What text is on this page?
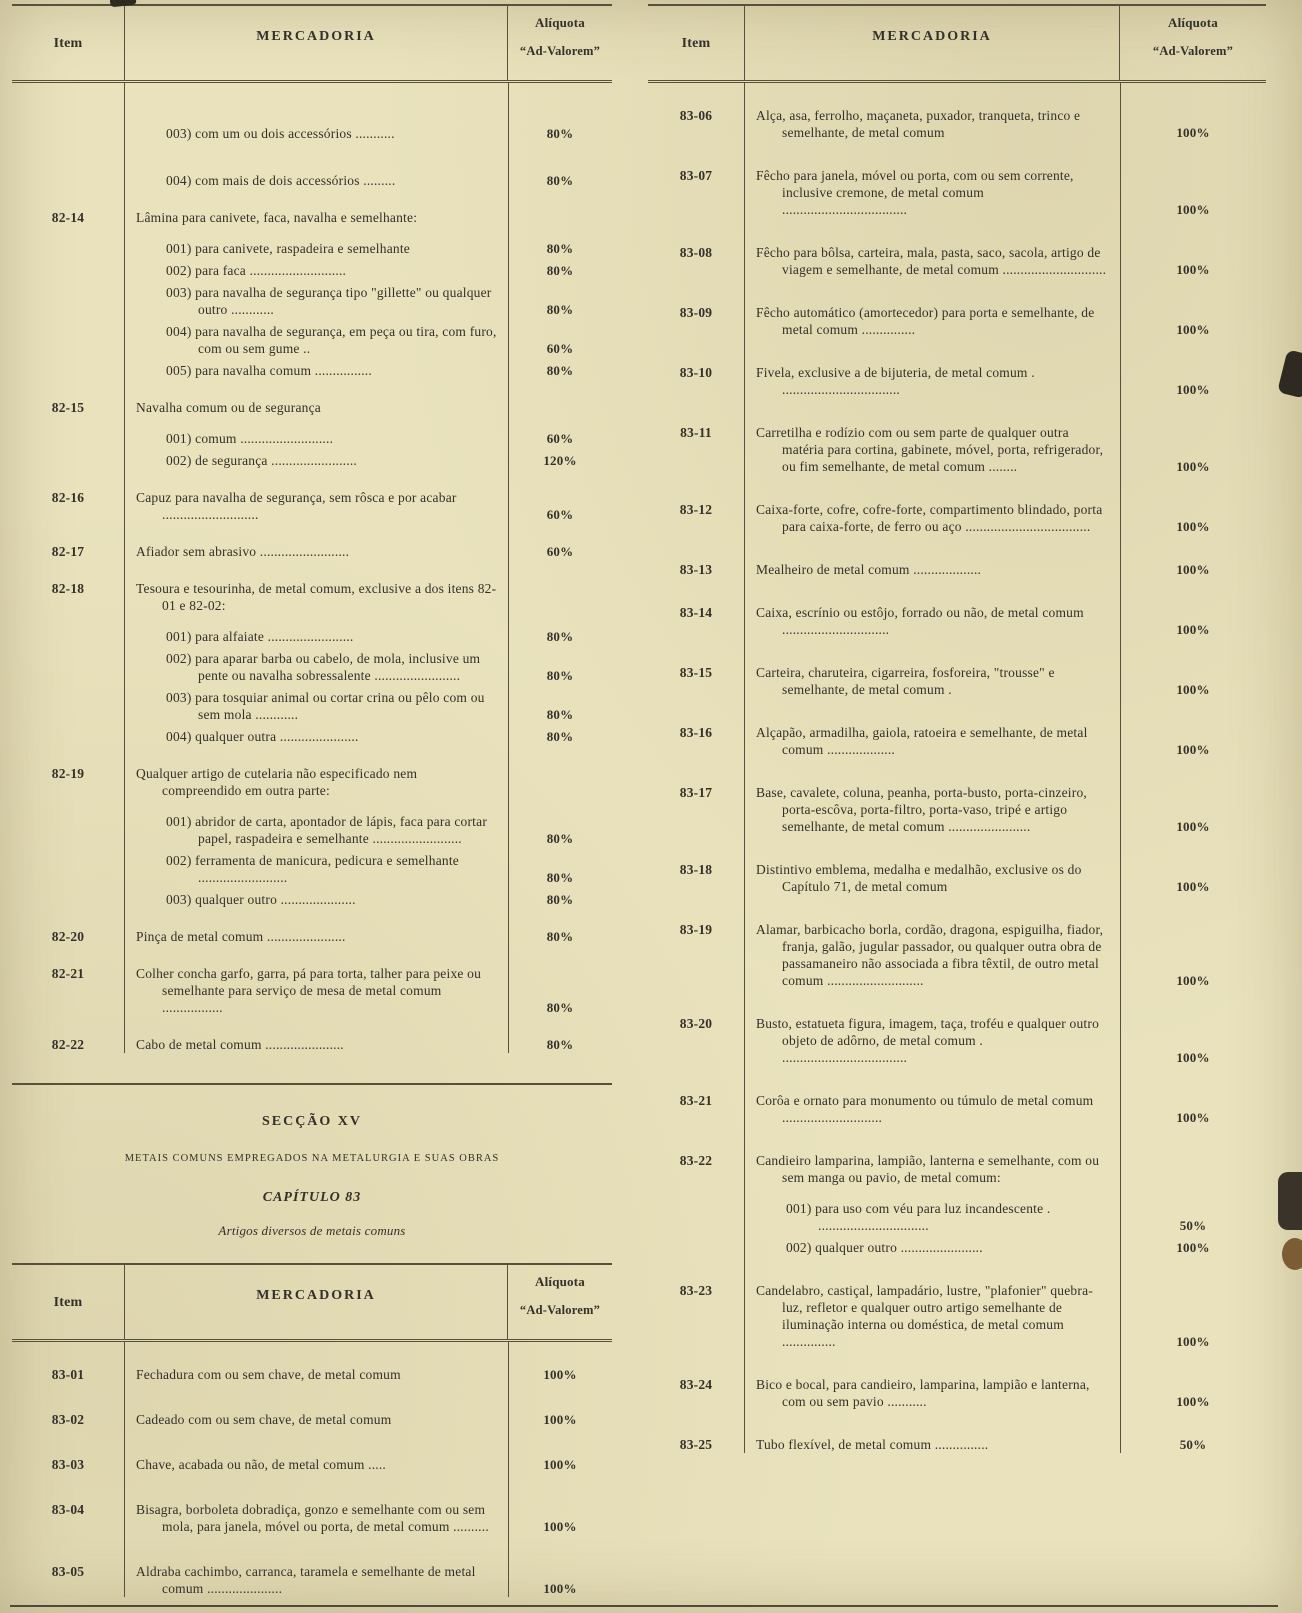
Item	MERCADORIA
Alíquota
“Ad-Valorem”
003) com um ou dois accessórios ...........	80%
004) com mais de dois accessórios .........	80%
82-14	Lâmina para canivete, faca, navalha e semelhante:
001) para canivete, raspadeira e semelhante	80%
002) para faca ...........................	80%
003) para navalha de segurança tipo "gillette" ou qualquer outro ............	80%
004) para navalha de segurança, em peça ou tira, com furo, com ou sem gume ..	60%
005) para navalha comum ................	80%
82-15	Navalha comum ou de segurança
001) comum ..........................	60%
002) de segurança ........................	120%
82-16	Capuz para navalha de segurança, sem rôsca e por acabar ...........................	60%
82-17	Afiador sem abrasivo .........................	60%
82-18	Tesoura e tesourinha, de metal comum, exclusive a dos itens 82-01 e 82-02:
001) para alfaiate ........................	80%
002) para aparar barba ou cabelo, de mola, inclusive um pente ou navalha sobressalente ........................	80%
003) para tosquiar animal ou cortar crina ou pêlo com ou sem mola ............	80%
004) qualquer outra ......................	80%
82-19	Qualquer artigo de cutelaria não especificado nem compreendido em outra parte:
001) abridor de carta, apontador de lápis, faca para cortar papel, raspadeira e semelhante .........................	80%
002) ferramenta de manicura, pedicura e semelhante .........................	80%
003) qualquer outro .....................	80%
82-20	Pinça de metal comum ......................	80%
82-21	Colher concha garfo, garra, pá para torta, talher para peixe ou semelhante para serviço de mesa de metal comum .................	80%
82-22	Cabo de metal comum ......................	80%
SECÇÃO XV
METAIS COMUNS EMPREGADOS NA METALURGIA E SUAS OBRAS
CAPÍTULO 83
Artigos diversos de metais comuns
Item	MERCADORIA
Alíquota
“Ad-Valorem”
83-01	Fechadura com ou sem chave, de metal comum	100%
83-02	Cadeado com ou sem chave, de metal comum	100%
83-03	Chave, acabada ou não, de metal comum .....	100%
83-04	Bisagra, borboleta dobradiça, gonzo e semelhante com ou sem mola, para janela, móvel ou porta, de metal comum ..........	100%
83-05	Aldraba cachimbo, carranca, taramela e semelhante de metal comum .....................	100%
Item	MERCADORIA
Alíquota
“Ad-Valorem”
83-06	Alça, asa, ferrolho, maçaneta, puxador, tranqueta, trinco e semelhante, de metal comum	100%
83-07	Fêcho para janela, móvel ou porta, com ou sem corrente, inclusive cremone, de metal comum ...................................	100%
83-08	Fêcho para bôlsa, carteira, mala, pasta, saco, sacola, artigo de viagem e semelhante, de metal comum .............................	100%
83-09	Fêcho automático (amortecedor) para porta e semelhante, de metal comum ...............	100%
83-10	Fivela, exclusive a de bijuteria, de metal comum . .................................	100%
83-11	Carretilha e rodízio com ou sem parte de qualquer outra matéria para cortina, gabinete, móvel, porta, refrigerador, ou fim semelhante, de metal comum ........	100%
83-12	Caixa-forte, cofre, cofre-forte, compartimento blindado, porta para caixa-forte, de ferro ou aço ...................................	100%
83-13	Mealheiro de metal comum ...................	100%
83-14	Caixa, escrínio ou estôjo, forrado ou não, de metal comum ..............................	100%
83-15	Carteira, charuteira, cigarreira, fosforeira, "trousse" e semelhante, de metal comum .	100%
83-16	Alçapão, armadilha, gaiola, ratoeira e semelhante, de metal comum ...................	100%
83-17	Base, cavalete, coluna, peanha, porta-busto, porta-cinzeiro, porta-escôva, porta-filtro, porta-vaso, tripé e artigo semelhante, de metal comum .......................	100%
83-18	Distintivo emblema, medalha e medalhão, exclusive os do Capítulo 71, de metal comum	100%
83-19	Alamar, barbicacho borla, cordão, dragona, espiguilha, fiador, franja, galão, jugular passador, ou qualquer outra obra de passamaneiro não associada a fibra têxtil, de outro metal comum ...........................	100%
83-20	Busto, estatueta figura, imagem, taça, troféu e qualquer outro objeto de adôrno, de metal comum . ...................................	100%
83-21	Corôa e ornato para monumento ou túmulo de metal comum ............................	100%
83-22	Candieiro lamparina, lampião, lanterna e semelhante, com ou sem manga ou pavio, de metal comum:
001) para uso com véu para luz incandescente . ...............................	50%
002) qualquer outro .......................	100%
83-23	Candelabro, castiçal, lampadário, lustre, "plafonier" quebra-luz, refletor e qualquer outro artigo semelhante de iluminação interna ou doméstica, de metal comum ...............	100%
83-24	Bico e bocal, para candieiro, lamparina, lampião e lanterna, com ou sem pavio ...........	100%
83-25	Tubo flexível, de metal comum ...............	50%
